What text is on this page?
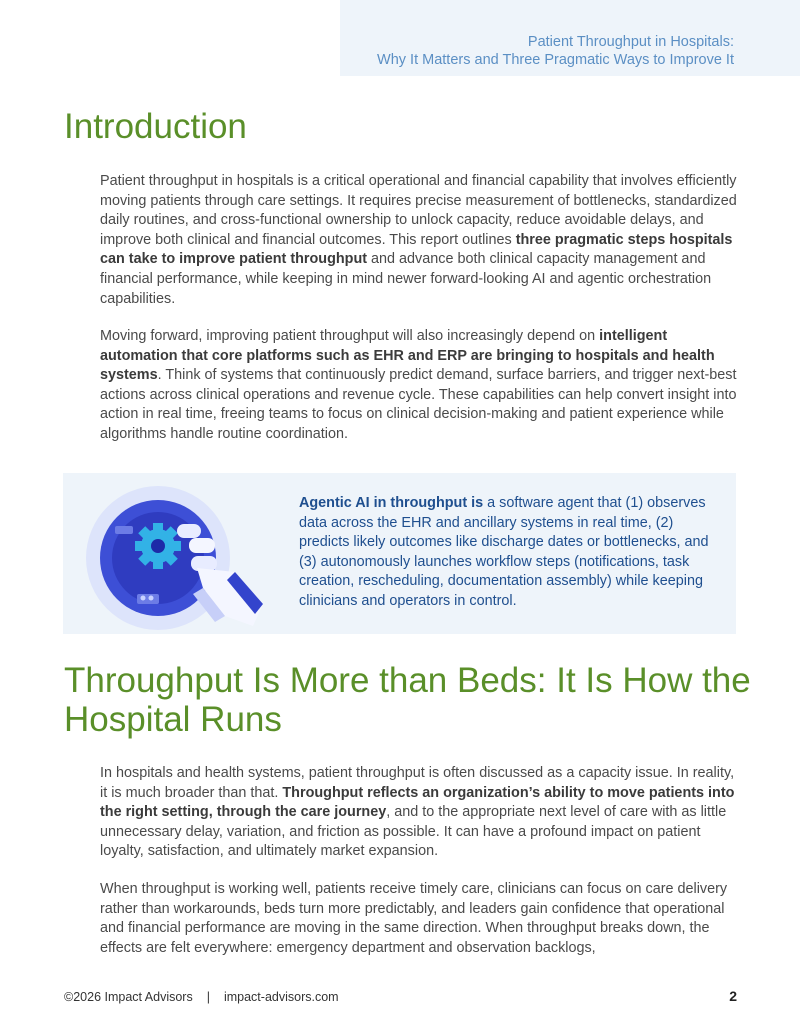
Patient Throughput in Hospitals:
Why It Matters and Three Pragmatic Ways to Improve It
Introduction

Patient throughput in hospitals is a critical operational and financial capability that involves efficiently moving patients through care settings. It requires precise measurement of bottlenecks, standardized daily routines, and cross-functional ownership to unlock capacity, reduce avoidable delays, and improve both clinical and financial outcomes. This report outlines three pragmatic steps hospitals can take to improve patient throughput and advance both clinical capacity management and financial performance, while keeping in mind newer forward-looking AI and agentic orchestration capabilities.

Moving forward, improving patient throughput will also increasingly depend on intelligent automation that core platforms such as EHR and ERP are bringing to hospitals and health systems. Think of systems that continuously predict demand, surface barriers, and trigger next-best actions across clinical operations and revenue cycle. These capabilities can help convert insight into action in real time, freeing teams to focus on clinical decision-making and patient experience while algorithms handle routine coordination.

Agentic AI in throughput is a software agent that (1) observes data across the EHR and ancillary systems in real time, (2) predicts likely outcomes like discharge dates or bottlenecks, and (3) autonomously launches workflow steps (notifications, task creation, rescheduling, documentation assembly) while keeping clinicians and operators in control.

Throughput Is More than Beds: It Is How the
Hospital Runs

In hospitals and health systems, patient throughput is often discussed as a capacity issue. In reality, it is much broader than that. Throughput reflects an organization’s ability to move patients into the right setting, through the care journey, and to the appropriate next level of care with as little unnecessary delay, variation, and friction as possible. It can have a profound impact on patient loyalty, satisfaction, and ultimately market expansion.

When throughput is working well, patients receive timely care, clinicians can focus on care delivery rather than workarounds, beds turn more predictably, and leaders gain confidence that operational and financial performance are moving in the same direction. When throughput breaks down, the effects are felt everywhere: emergency department and observation backlogs,

©2026 Impact Advisors | impact-advisors.com	2
